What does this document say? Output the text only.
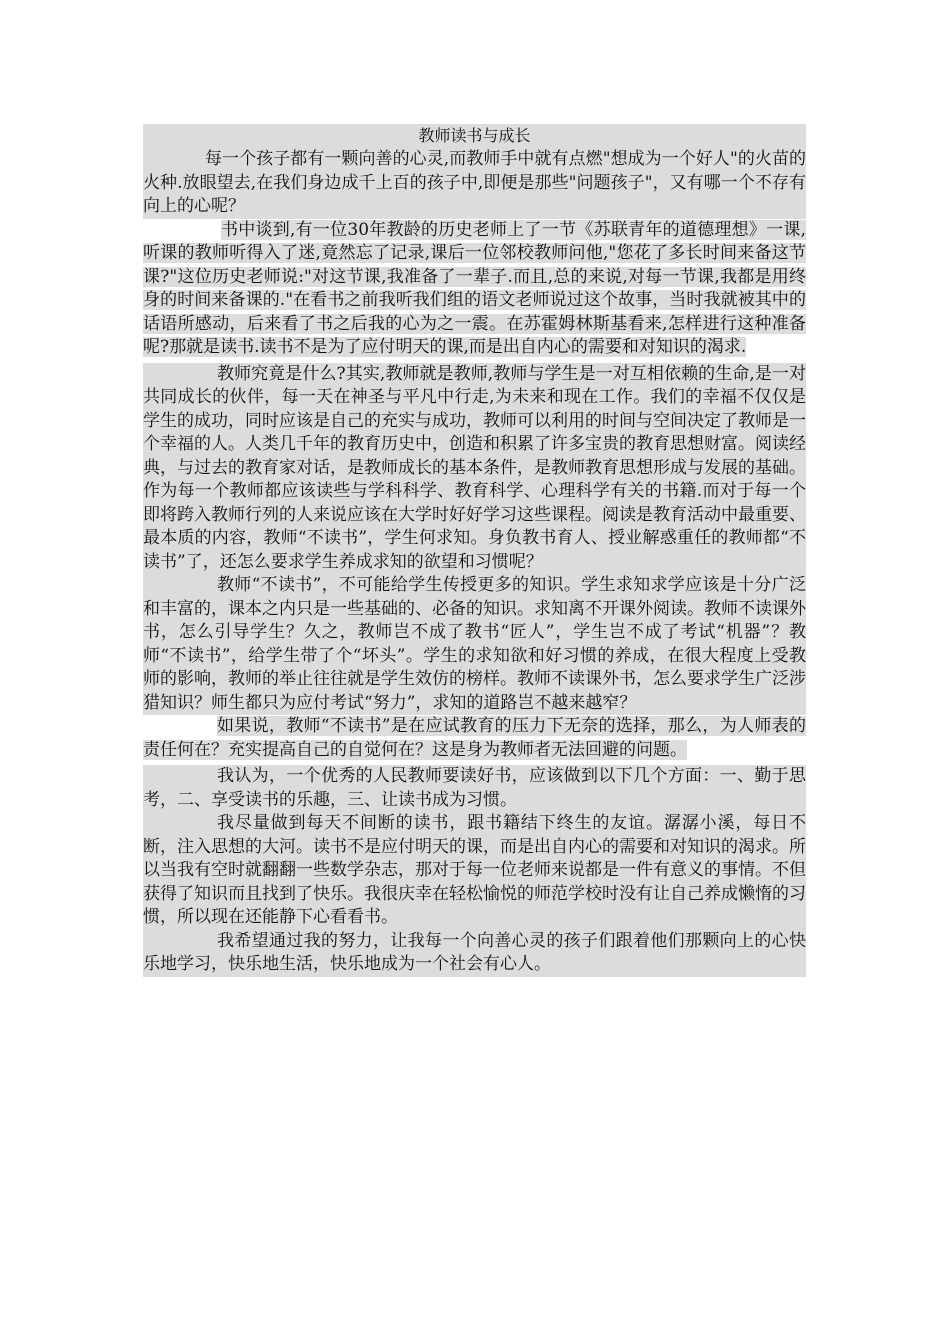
教师读书与成长

每一个孩子都有一颗向善的心灵,而教师手中就有点燃"想成为一个好人"的火苗的火种.放眼望去,在我们身边成千上百的孩子中,即便是那些"问题孩子"，又有哪一个不存有向上的心呢？

书中谈到,有一位30年教龄的历史老师上了一节《苏联青年的道德理想》一课,听课的教师听得入了迷,竟然忘了记录,课后一位邻校教师问他,"您花了多长时间来备这节课?"这位历史老师说:"对这节课,我准备了一辈子.而且,总的来说,对每一节课,我都是用终身的时间来备课的."在看书之前我听我们组的语文老师说过这个故事，当时我就被其中的话语所感动，后来看了书之后我的心为之一震。在苏霍姆林斯基看来,怎样进行这种准备呢?那就是读书.读书不是为了应付明天的课,而是出自内心的需要和对知识的渴求.

教师究竟是什么?其实,教师就是教师,教师与学生是一对互相依赖的生命,是一对共同成长的伙伴，每一天在神圣与平凡中行走,为未来和现在工作。我们的幸福不仅仅是学生的成功，同时应该是自己的充实与成功，教师可以利用的时间与空间决定了教师是一个幸福的人。人类几千年的教育历史中，创造和积累了许多宝贵的教育思想财富。阅读经典，与过去的教育家对话，是教师成长的基本条件，是教师教育思想形成与发展的基础。作为每一个教师都应该读些与学科科学、教育科学、心理科学有关的书籍.而对于每一个即将跨入教师行列的人来说应该在大学时好好学习这些课程。阅读是教育活动中最重要、最本质的内容，教师“不读书”，学生何求知。身负教书育人、授业解惑重任的教师都“不读书”了，还怎么要求学生养成求知的欲望和习惯呢？

教师“不读书”，不可能给学生传授更多的知识。学生求知求学应该是十分广泛和丰富的，课本之内只是一些基础的、必备的知识。求知离不开课外阅读。教师不读课外书，怎么引导学生？久之，教师岂不成了教书“匠人”，学生岂不成了考试“机器”？教师“不读书”，给学生带了个“坏头”。学生的求知欲和好习惯的养成，在很大程度上受教师的影响，教师的举止往往就是学生效仿的榜样。教师不读课外书，怎么要求学生广泛涉猎知识？师生都只为应付考试“努力”，求知的道路岂不越来越窄？

如果说，教师“不读书”是在应试教育的压力下无奈的选择，那么，为人师表的责任何在？充实提高自己的自觉何在？这是身为教师者无法回避的问题。

我认为，一个优秀的人民教师要读好书，应该做到以下几个方面：一、勤于思考，二、享受读书的乐趣，三、让读书成为习惯。

我尽量做到每天不间断的读书，跟书籍结下终生的友谊。潺潺小溪，每日不断，注入思想的大河。读书不是应付明天的课，而是出自内心的需要和对知识的渴求。所以当我有空时就翻翻一些数学杂志，那对于每一位老师来说都是一件有意义的事情。不但获得了知识而且找到了快乐。我很庆幸在轻松愉悦的师范学校时没有让自己养成懒惰的习惯，所以现在还能静下心看看书。

我希望通过我的努力，让我每一个向善心灵的孩子们跟着他们那颗向上的心快乐地学习，快乐地生活，快乐地成为一个社会有心人。
